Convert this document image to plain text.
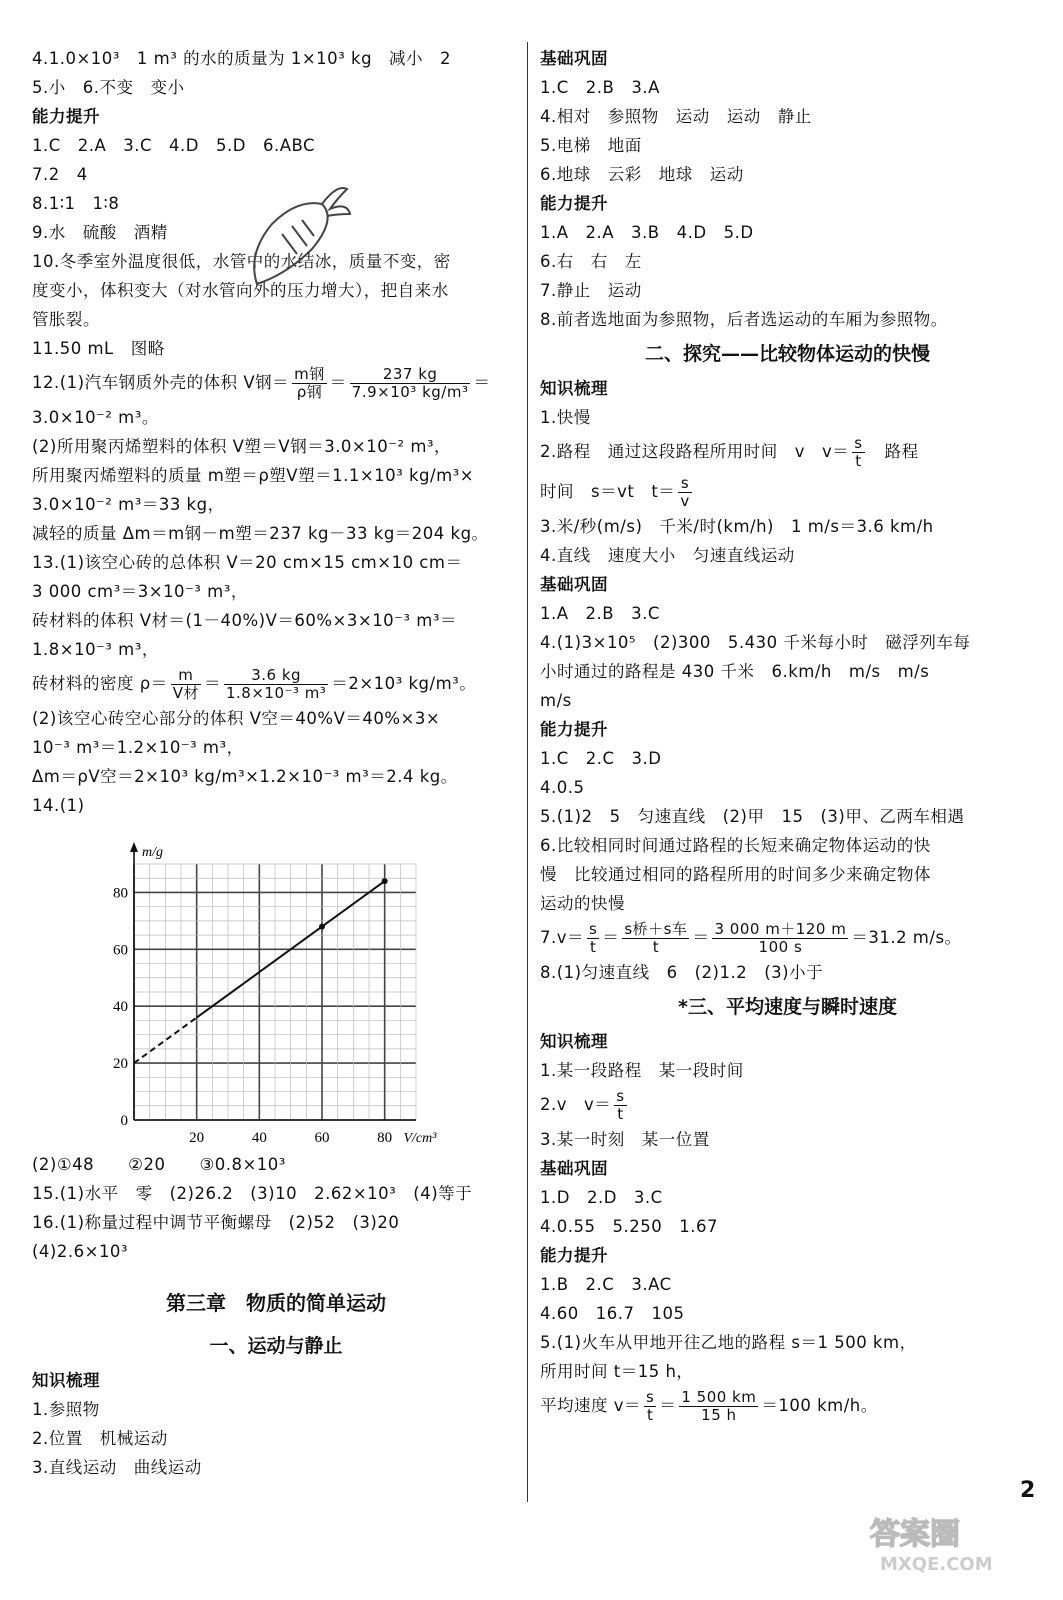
4.1.0×10³　1 m³ 的水的质量为 1×10³ kg　减小　2
5.小　6.不变　变小
能力提升
1.C　2.A　3.C　4.D　5.D　6.ABC
7.2　4
8.1∶1　1∶8
9.水　硫酸　酒精
10.冬季室外温度很低，水管中的水结冰，质量不变，密
度变小，体积变大（对水管向外的压力增大），把自来水
管胀裂。
11.50 mL　图略
12.(1)汽车钢质外壳的体积 V钢＝ $\frac{\text{m钢}}{\text{ρ钢}} = \frac{237 kg}{\text{7.9×10³ kg/m³}}$ ＝
3.0×10⁻² m³。
(2)所用聚丙烯塑料的体积 V塑＝V钢＝3.0×10⁻² m³，
所用聚丙烯塑料的质量 m塑＝ρ塑V塑＝1.1×10³ kg/m³×
3.0×10⁻² m³＝33 kg，
减轻的质量 Δm＝m钢－m塑＝237 kg－33 kg＝204 kg。
13.(1)该空心砖的总体积 V＝20 cm×15 cm×10 cm＝
3 000 cm³＝3×10⁻³ m³，
砖材料的体积 V材＝(1－40%)V＝60%×3×10⁻³ m³＝
1.8×10⁻³ m³，
砖材料的密度 $\rho= \frac{m}{\text{V材}} = \frac{3.6 kg}{\text{1.8×10⁻³ m³}} =2\times 10^3$ kg/m³。
(2)该空心砖空心部分的体积 V空＝40%V＝40%×3×
10⁻³ m³＝1.2×10⁻³ m³，
Δm＝ρV空＝2×10³ kg/m³×1.2×10⁻³ m³＝2.4 kg。
14.(1)
0
20
40
60
80
20	40	60	80
m/g
V/cm³
(2)①48　　②20　　③0.8×10³
15.(1)水平　零　(2)26.2　(3)10　2.62×10³　(4)等于
16.(1)称量过程中调节平衡螺母　(2)52　(3)20
(4)2.6×10³
第三章　物质的简单运动
一、运动与静止
知识梳理
1.参照物
2.位置　机械运动
3.直线运动　曲线运动
基础巩固
1.C　2.B　3.A
4.相对　参照物　运动　运动　静止
5.电梯　地面
6.地球　云彩　地球　运动
能力提升
1.A　2.A　3.B　4.D　5.D
6.右　右　左
7.静止　运动
8.前者选地面为参照物，后者选运动的车厢为参照物。
二、探究——比较物体运动的快慢
知识梳理
1.快慢
2.路程　通过这段路程所用时间　v　$v= \frac{s}{t}$ 　路程
时间　s＝vt　$t= \frac{s}{v}$
3.米/秒(m/s)　千米/时(km/h)　1 m/s＝3.6 km/h
4.直线　速度大小　匀速直线运动
基础巩固
1.A　2.B　3.C
4.(1)3×10⁵　(2)300　5.430 千米每小时　磁浮列车每
小时通过的路程是 430 千米　6.km/h　m/s　m/s
m/s
能力提升
1.C　2.C　3.D
4.0.5
5.(1)2　5　匀速直线　(2)甲　15　(3)甲、乙两车相遇
6.比较相同时间通过路程的长短来确定物体运动的快
慢　比较通过相同的路程所用的时间多少来确定物体
运动的快慢
$7.v= \frac{s}{t} = \frac{\text{s桥＋s车}}{t} = \frac{3 000 m+120 m}{100 s} =31.2$ m/s。
8.(1)匀速直线　6　(2)1.2　(3)小于
*三、平均速度与瞬时速度
知识梳理
1.某一段路程　某一段时间
2.v　$v= \frac{s}{t}$
3.某一时刻　某一位置
基础巩固
1.D　2.D　3.C
4.0.55　5.250　1.67
能力提升
1.B　2.C　3.AC
4.60　16.7　105
5.(1)火车从甲地开往乙地的路程 s＝1 500 km，
所用时间 t＝15 h，
平均速度 $v= \frac{s}{t} = \frac{1 500 km}{15 h} =100$ km/h。
2
答案圈
MXQE.COM
